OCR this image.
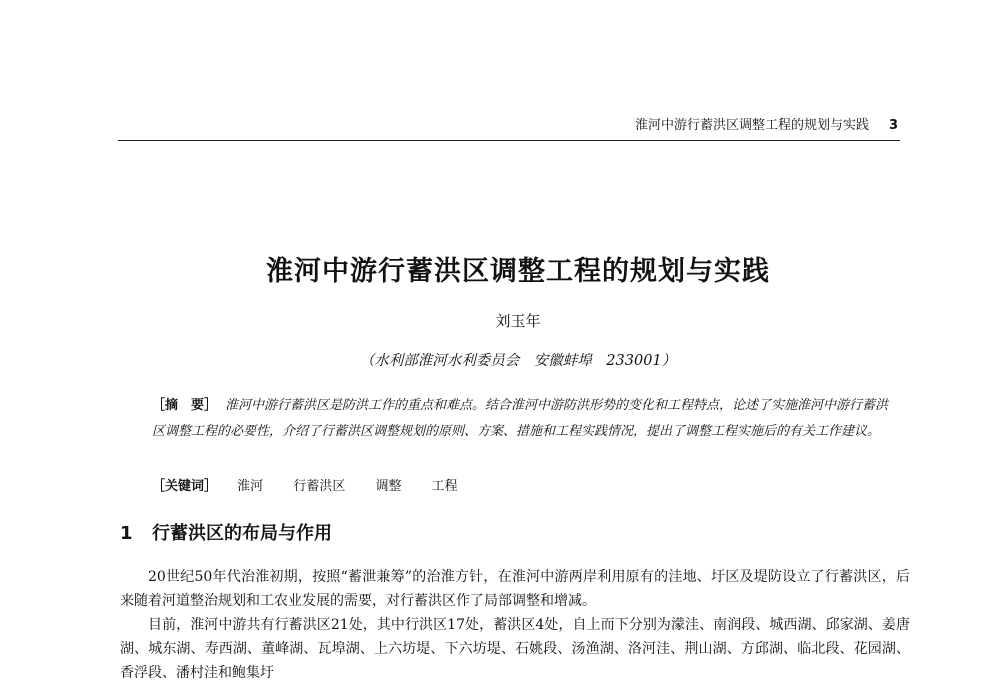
淮河中游行蓄洪区调整工程的规划与实践 3
淮河中游行蓄洪区调整工程的规划与实践
刘玉年
（水利部淮河水利委员会　安徽蚌埠　233001）
［摘　要］ 淮河中游行蓄洪区是防洪工作的重点和难点。结合淮河中游防洪形势的变化和工程特点，论述了实施淮河中游行蓄洪区调整工程的必要性，介绍了行蓄洪区调整规划的原则、方案、措施和工程实践情况，提出了调整工程实施后的有关工作建议。
［关键词］ 淮河 行蓄洪区 调整 工程
1 行蓄洪区的布局与作用

20世纪50年代治淮初期，按照“蓄泄兼筹”的治淮方针，在淮河中游两岸利用原有的洼地、圩区及堤防设立了行蓄洪区，后来随着河道整治规划和工农业发展的需要，对行蓄洪区作了局部调整和增减。

目前，淮河中游共有行蓄洪区21处，其中行洪区17处，蓄洪区4处，自上而下分别为濛洼、南润段、城西湖、邱家湖、姜唐湖、城东湖、寿西湖、董峰湖、瓦埠湖、上六坊堤、下六坊堤、石姚段、汤渔湖、洛河洼、荆山湖、方邱湖、临北段、花园湖、香浮段、潘村洼和鲍集圩
